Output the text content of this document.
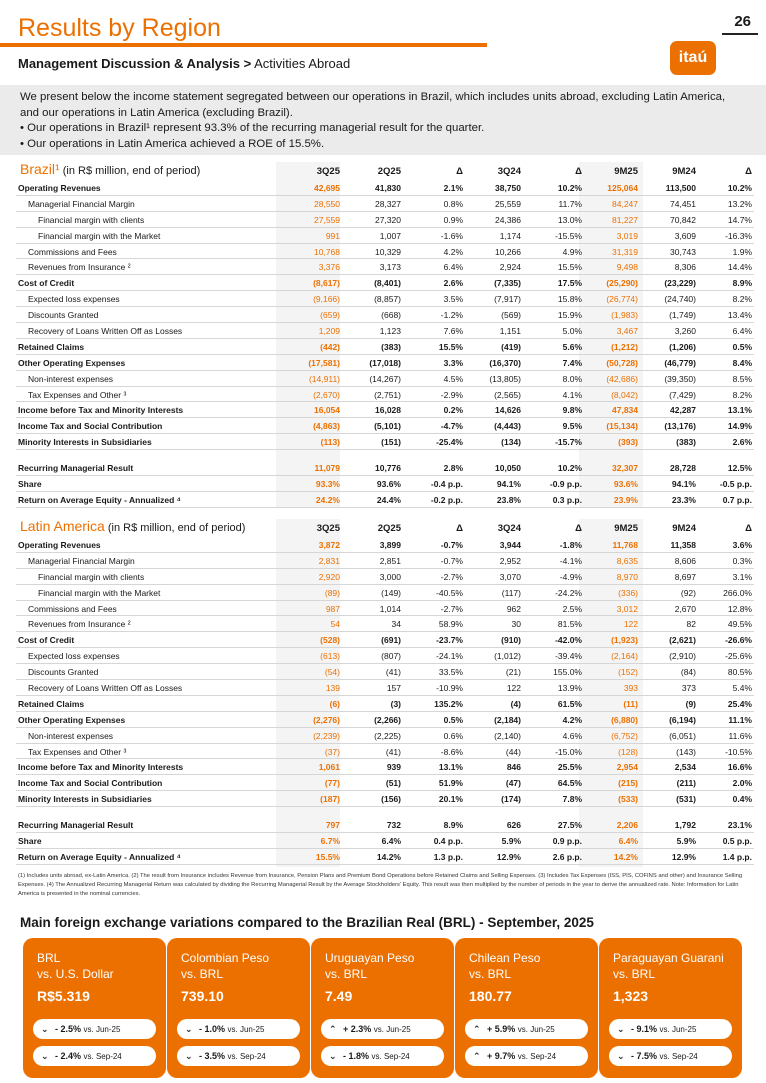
Results by Region	26
itaú
Management Discussion & Analysis > Activities Abroad

We present below the income statement segregated between our operations in Brazil, which includes units abroad, excluding Latin America, and our operations in Latin America (excluding Brazil).

• Our operations in Brazil¹ represent 93.3% of the recurring managerial result for the quarter.

• Our operations in Latin America achieved a ROE of 15.5%.

Brazil¹ (in R$ million, end of period)	3Q25	2Q25	Δ	3Q24	Δ	9M25	9M24	Δ
Operating Revenues	42,695	41,830	2.1%	38,750	10.2%	125,064	113,500	10.2%
Managerial Financial Margin	28,550	28,327	0.8%	25,559	11.7%	84,247	74,451	13.2%
Financial margin with clients	27,559	27,320	0.9%	24,386	13.0%	81,227	70,842	14.7%
Financial margin with the Market	991	1,007	-1.6%	1,174	-15.5%	3,019	3,609	-16.3%
Commissions and Fees	10,768	10,329	4.2%	10,266	4.9%	31,319	30,743	1.9%
Revenues from Insurance ²	3,376	3,173	6.4%	2,924	15.5%	9,498	8,306	14.4%
Cost of Credit	(8,617)	(8,401)	2.6%	(7,335)	17.5%	(25,290)	(23,229)	8.9%
Expected loss expenses	(9,166)	(8,857)	3.5%	(7,917)	15.8%	(26,774)	(24,740)	8.2%
Discounts Granted	(659)	(668)	-1.2%	(569)	15.9%	(1,983)	(1,749)	13.4%
Recovery of Loans Written Off as Losses	1,209	1,123	7.6%	1,151	5.0%	3,467	3,260	6.4%
Retained Claims	(442)	(383)	15.5%	(419)	5.6%	(1,212)	(1,206)	0.5%
Other Operating Expenses	(17,581)	(17,018)	3.3%	(16,370)	7.4%	(50,728)	(46,779)	8.4%
Non-interest expenses	(14,911)	(14,267)	4.5%	(13,805)	8.0%	(42,686)	(39,350)	8.5%
Tax Expenses and Other ³	(2,670)	(2,751)	-2.9%	(2,565)	4.1%	(8,042)	(7,429)	8.2%
Income before Tax and Minority Interests	16,054	16,028	0.2%	14,626	9.8%	47,834	42,287	13.1%
Income Tax and Social Contribution	(4,863)	(5,101)	-4.7%	(4,443)	9.5%	(15,134)	(13,176)	14.9%
Minority Interests in Subsidiaries	(113)	(151)	-25.4%	(134)	-15.7%	(393)	(383)	2.6%
Recurring Managerial Result	11,079	10,776	2.8%	10,050	10.2%	32,307	28,728	12.5%
Share	93.3%	93.6%	-0.4 p.p.	94.1%	-0.9 p.p.	93.6%	94.1%	-0.5 p.p.
Return on Average Equity - Annualized ⁴	24.2%	24.4%	-0.2 p.p.	23.8%	0.3 p.p.	23.9%	23.3%	0.7 p.p.
Latin America (in R$ million, end of period)	3Q25	2Q25	Δ	3Q24	Δ	9M25	9M24	Δ
Operating Revenues	3,872	3,899	-0.7%	3,944	-1.8%	11,768	11,358	3.6%
Managerial Financial Margin	2,831	2,851	-0.7%	2,952	-4.1%	8,635	8,606	0.3%
Financial margin with clients	2,920	3,000	-2.7%	3,070	-4.9%	8,970	8,697	3.1%
Financial margin with the Market	(89)	(149)	-40.5%	(117)	-24.2%	(336)	(92)	266.0%
Commissions and Fees	987	1,014	-2.7%	962	2.5%	3,012	2,670	12.8%
Revenues from Insurance ²	54	34	58.9%	30	81.5%	122	82	49.5%
Cost of Credit	(528)	(691)	-23.7%	(910)	-42.0%	(1,923)	(2,621)	-26.6%
Expected loss expenses	(613)	(807)	-24.1%	(1,012)	-39.4%	(2,164)	(2,910)	-25.6%
Discounts Granted	(54)	(41)	33.5%	(21)	155.0%	(152)	(84)	80.5%
Recovery of Loans Written Off as Losses	139	157	-10.9%	122	13.9%	393	373	5.4%
Retained Claims	(6)	(3)	135.2%	(4)	61.5%	(11)	(9)	25.4%
Other Operating Expenses	(2,276)	(2,266)	0.5%	(2,184)	4.2%	(6,880)	(6,194)	11.1%
Non-interest expenses	(2,239)	(2,225)	0.6%	(2,140)	4.6%	(6,752)	(6,051)	11.6%
Tax Expenses and Other ³	(37)	(41)	-8.6%	(44)	-15.0%	(128)	(143)	-10.5%
Income before Tax and Minority Interests	1,061	939	13.1%	846	25.5%	2,954	2,534	16.6%
Income Tax and Social Contribution	(77)	(51)	51.9%	(47)	64.5%	(215)	(211)	2.0%
Minority Interests in Subsidiaries	(187)	(156)	20.1%	(174)	7.8%	(533)	(531)	0.4%
Recurring Managerial Result	797	732	8.9%	626	27.5%	2,206	1,792	23.1%
Share	6.7%	6.4%	0.4 p.p.	5.9%	0.9 p.p.	6.4%	5.9%	0.5 p.p.
Return on Average Equity - Annualized ⁴	15.5%	14.2%	1.3 p.p.	12.9%	2.6 p.p.	14.2%	12.9%	1.4 p.p.
(1) Includes units abroad, ex-Latin America. (2) The result from Insurance includes Revenue from Insurance, Pension Plans and Premium Bond Operations before Retained Claims and Selling Expenses. (3) Includes Tax Expenses (ISS, PIS, COFINS and other) and Insurance Selling Expenses. (4) The Annualized Recurring Managerial Return was calculated by dividing the Recurring Managerial Result by the Average Stockholders' Equity. This result was then multiplied by the number of periods in the year to derive the annualized rate. Note: Information for Latin America is presented in the nominal currencies.
Main foreign exchange variations compared to the Brazilian Real (BRL) - September, 2025
BRL
vs. U.S. Dollar
R$5.319
⌄ - 2.5% vs. Jun-25
⌄ - 2.4% vs. Sep-24
Colombian Peso
vs. BRL
739.10
⌄ - 1.0% vs. Jun-25
⌄ - 3.5% vs. Sep-24
Uruguayan Peso
vs. BRL
7.49
⌃ + 2.3% vs. Jun-25
⌄ - 1.8% vs. Sep-24
Chilean Peso
vs. BRL
180.77
⌃ + 5.9% vs. Jun-25
⌃ + 9.7% vs. Sep-24
Paraguayan Guarani
vs. BRL
1,323
⌄ - 9.1% vs. Jun-25
⌄ - 7.5% vs. Sep-24
